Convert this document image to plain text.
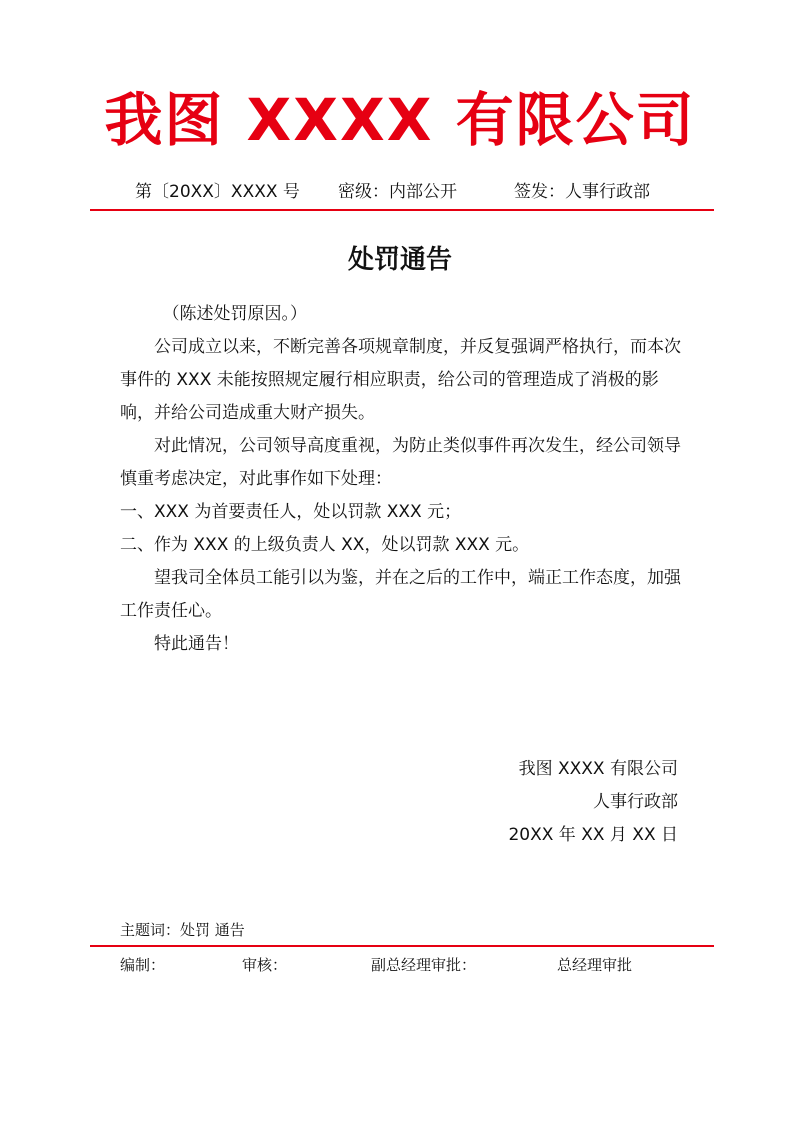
我图 XXXX 有限公司
第〔20XX〕XXXX 号 密级：内部公开	签发：人事行政部
处罚通告

（陈述处罚原因。）

公司成立以来，不断完善各项规章制度，并反复强调严格执行，而本次事件的 XXX 未能按照规定履行相应职责，给公司的管理造成了消极的影响，并给公司造成重大财产损失。

对此情况，公司领导高度重视，为防止类似事件再次发生，经公司领导慎重考虑决定，对此事作如下处理：

一、XXX 为首要责任人，处以罚款 XXX 元；

二、作为 XXX 的上级负责人 XX，处以罚款 XXX 元。

望我司全体员工能引以为鉴，并在之后的工作中，端正工作态度，加强工作责任心。

特此通告！

我图 XXXX 有限公司
人事行政部
20XX 年 XX 月 XX 日
主题词：处罚 通告
编制：	审核：	副总经理审批：	总经理审批
